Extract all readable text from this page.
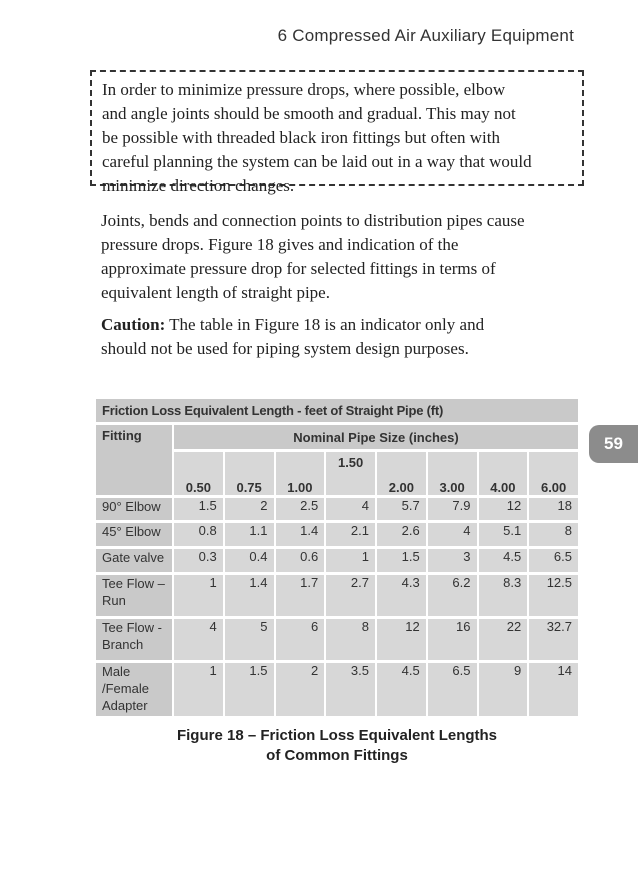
6 Compressed Air Auxiliary Equipment
In order to minimize pressure drops, where possible, elbow
and angle joints should be smooth and gradual. This may not
be possible with threaded black iron fittings but often with
careful planning the system can be laid out in a way that would
minimize direction changes.
Joints, bends and connection points to distribution pipes cause
pressure drops. Figure 18 gives and indication of the
approximate pressure drop for selected fittings in terms of
equivalent length of straight pipe.
Caution: The table in Figure 18 is an indicator only and
should not be used for piping system design purposes.
59
Friction Loss Equivalent Length - feet of Straight Pipe (ft)								
Fitting	Nominal Pipe Size (inches)							
	0.50	0.75	1.00	1.50	2.00	3.00	4.00	6.00

90° Elbow	1.5	2	2.5	4	5.7	7.9	12	18

45° Elbow	0.8	1.1	1.4	2.1	2.6	4	5.1	8

Gate valve	0.3	0.4	0.6	1	1.5	3	4.5	6.5

Tee Flow –
Run	1	1.4	1.7	2.7	4.3	6.2	8.3	12.5

Tee Flow -
Branch	4	5	6	8	12	16	22	32.7

Male
/Female
Adapter	1	1.5	2	3.5	4.5	6.5	9	14
Figure 18 – Friction Loss Equivalent Lengths
of Common Fittings
